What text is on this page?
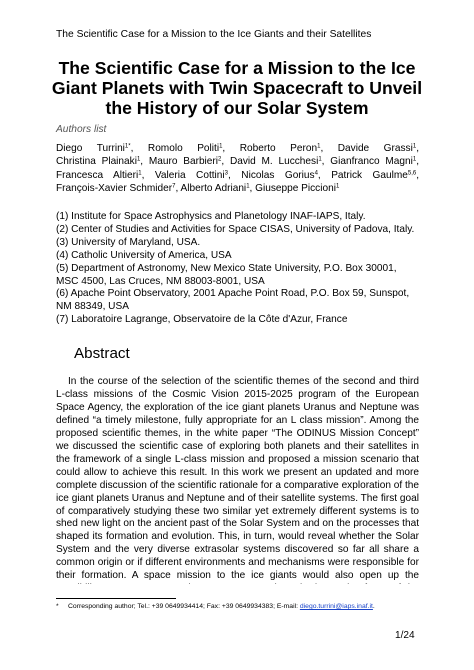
The Scientific Case for a Mission to the Ice Giants and their Satellites
The Scientific Case for a Mission to the Ice Giant Planets with Twin Spacecraft to Unveil the History of our Solar System
Authors list

Diego Turrini$^{1*}$, Romolo Politi$^1$, Roberto Peron$^1$, Davide Grassi$^1$, Christina Plainaki$^1$, Mauro Barbieri$^2$, David M. Lucchesi$^1$, Gianfranco Magni$^1$, Francesca Altieri$^1$, Valeria Cottini$^3$, Nicolas Gorius$^4$, Patrick Gaulme$^{5,6}$, François-Xavier Schmider$^7$, Alberto Adriani$^1$, Giuseppe Piccioni$^1$

(1) Institute for Space Astrophysics and Planetology INAF-IAPS, Italy.
(2) Center of Studies and Activities for Space CISAS, University of Padova, Italy.
(3) University of Maryland, USA.
(4) Catholic University of America, USA
(5) Department of Astronomy, New Mexico State University, P.O. Box 30001, MSC 4500, Las Cruces, NM 88003-8001, USA
(6) Apache Point Observatory, 2001 Apache Point Road, P.O. Box 59, Sunspot, NM 88349, USA
(7) Laboratoire Lagrange, Observatoire de la Côte d'Azur, France
Abstract

In the course of the selection of the scientific themes of the second and third L-class missions of the Cosmic Vision 2015-2025 program of the European Space Agency, the exploration of the ice giant planets Uranus and Neptune was defined “a timely milestone, fully appropriate for an L class mission”. Among the proposed scientific themes, in the white paper “The ODINUS Mission Concept” we discussed the scientific case of exploring both planets and their satellites in the framework of a single L-class mission and proposed a mission scenario that could allow to achieve this result. In this work we present an updated and more complete discussion of the scientific rationale for a comparative exploration of the ice giant planets Uranus and Neptune and of their satellite systems. The first goal of comparatively studying these two similar yet extremely different systems is to shed new light on the ancient past of the Solar System and on the processes that shaped its formation and evolution. This, in turn, would reveal whether the Solar System and the very diverse extrasolar systems discovered so far all share a common origin or if different environments and mechanisms were responsible for their formation. A space mission to the ice giants would also open up the

* Corresponding author; Tel.: +39 0649934414; Fax: +39 0649934383; E-mail: diego.turrini@iaps.inaf.it.
1/24
